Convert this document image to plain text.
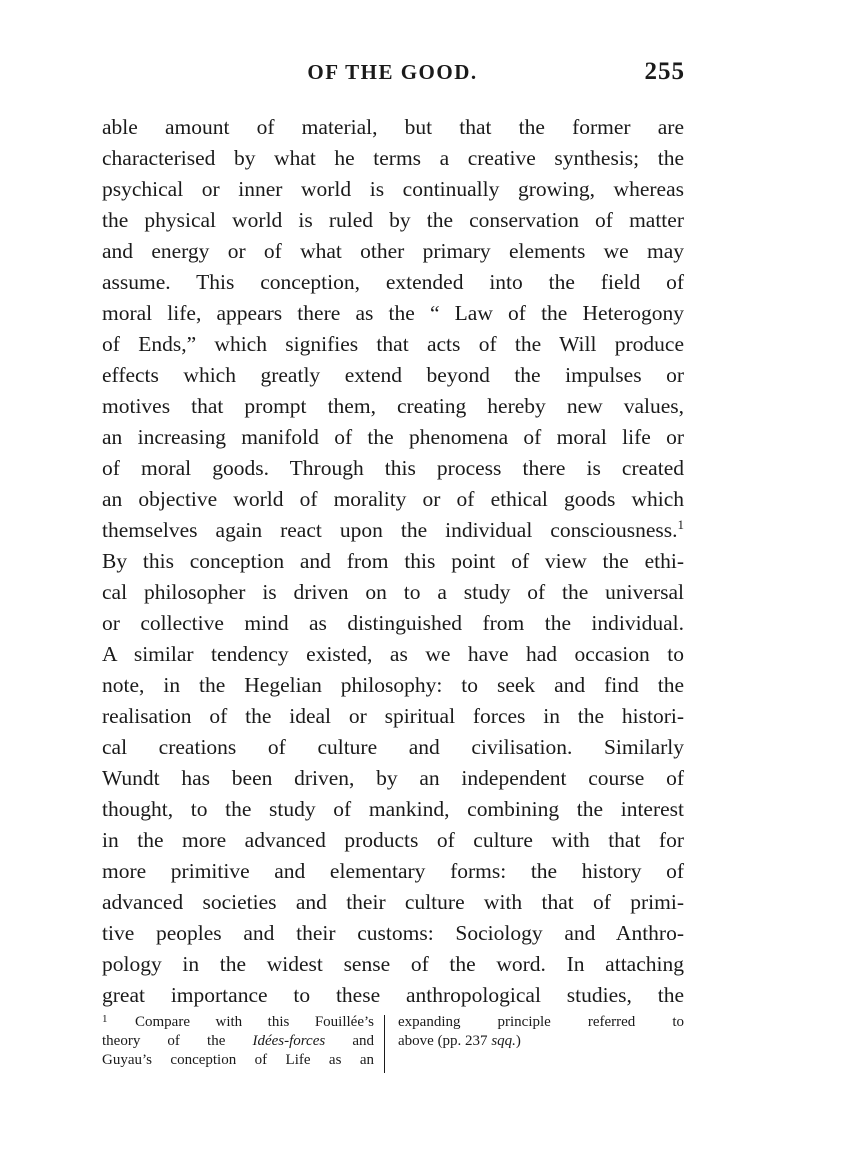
OF THE GOOD.	255
able amount of material, but that the former are
characterised by what he terms a creative synthesis; the
psychical or inner world is continually growing, whereas
the physical world is ruled by the conservation of matter
and energy or of what other primary elements we may
assume. This conception, extended into the field of
moral life, appears there as the “ Law of the Heterogony
of Ends,” which signifies that acts of the Will produce
effects which greatly extend beyond the impulses or
motives that prompt them, creating hereby new values,
an increasing manifold of the phenomena of moral life or
of moral goods. Through this process there is created
an objective world of morality or of ethical goods which
themselves again react upon the individual consciousness.$^1$
By this conception and from this point of view the ethi-
cal philosopher is driven on to a study of the universal
or collective mind as distinguished from the individual.
A similar tendency existed, as we have had occasion to
note, in the Hegelian philosophy: to seek and find the
realisation of the ideal or spiritual forces in the histori-
cal creations of culture and civilisation. Similarly
Wundt has been driven, by an independent course of
thought, to the study of mankind, combining the interest
in the more advanced products of culture with that for
more primitive and elementary forms: the history of
advanced societies and their culture with that of primi-
tive peoples and their customs: Sociology and Anthro-
pology in the widest sense of the word. In attaching
great importance to these anthropological studies, the
$^1$ Compare with this Fouillée’s
theory of the Idées-forces and
Guyau’s conception of Life as an
expanding principle referred to
above (pp. 237 sqq.)
